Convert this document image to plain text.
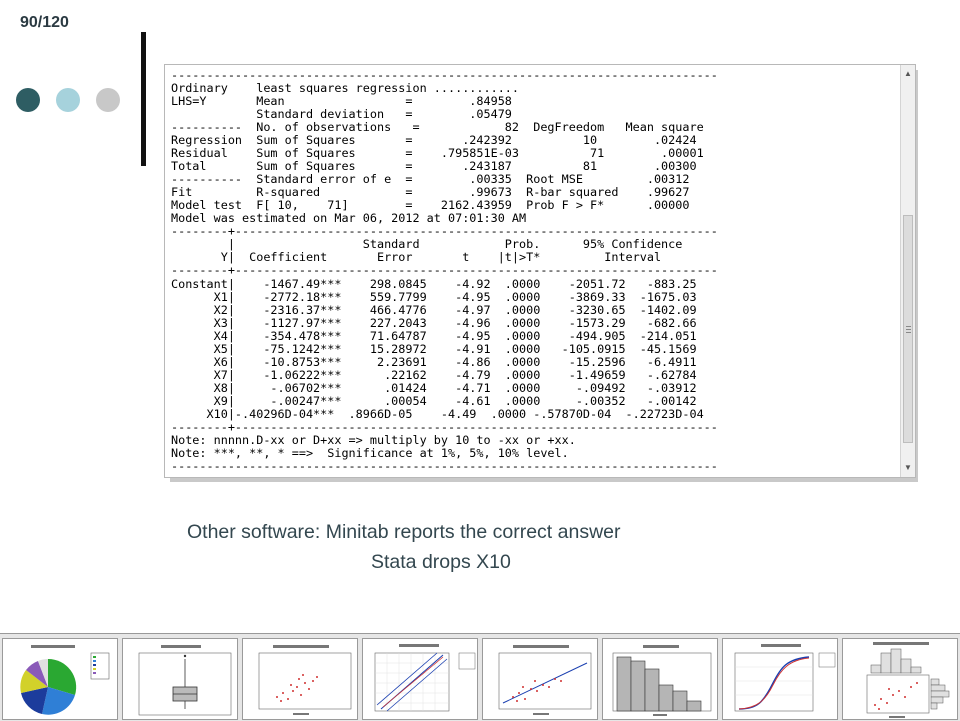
90/120
-----------------------------------------------------------------------------
Ordinary    least squares regression ............
LHS=Y       Mean                 =        .84958
Standard deviation   =        .05479
----------  No. of observations   =            82  DegFreedom   Mean square
Regression  Sum of Squares       =       .242392          10        .02424
Residual    Sum of Squares       =    .795851E-03          71        .00001
Total       Sum of Squares       =       .243187          81        .00300
----------  Standard error of e  =        .00335  Root MSE         .00312
Fit         R-squared            =        .99673  R-bar squared    .99627
Model test  F[ 10,    71]        =    2162.43959  Prob F > F*      .00000
Model was estimated on Mar 06, 2012 at 07:01:30 AM
--------+--------------------------------------------------------------------
|                  Standard            Prob.      95% Confidence
Y|  Coefficient       Error       t    |t|>T*         Interval
--------+--------------------------------------------------------------------
Constant|    -1467.49***    298.0845    -4.92  .0000    -2051.72   -883.25
X1|    -2772.18***    559.7799    -4.95  .0000    -3869.33  -1675.03
X2|    -2316.37***    466.4776    -4.97  .0000    -3230.65  -1402.09
X3|    -1127.97***    227.2043    -4.96  .0000    -1573.29   -682.66
X4|    -354.478***    71.64787    -4.95  .0000    -494.905  -214.051
X5|    -75.1242***    15.28972    -4.91  .0000   -105.0915  -45.1569
X6|    -10.8753***     2.23691    -4.86  .0000    -15.2596   -6.4911
X7|    -1.06222***      .22162    -4.79  .0000    -1.49659   -.62784
X8|     -.06702***      .01424    -4.71  .0000     -.09492   -.03912
X9|     -.00247***      .00054    -4.61  .0000     -.00352   -.00142
X10|-.40296D-04***  .8966D-05    -4.49  .0000 -.57870D-04  -.22723D-04
--------+--------------------------------------------------------------------
Note: nnnnn.D-xx or D+xx => multiply by 10 to -xx or +xx.
Note: ***, **, * ==>  Significance at 1%, 5%, 10% level.
-----------------------------------------------------------------------------

▲
▼
Other software: Minitab reports the correct answer
Stata drops X10
